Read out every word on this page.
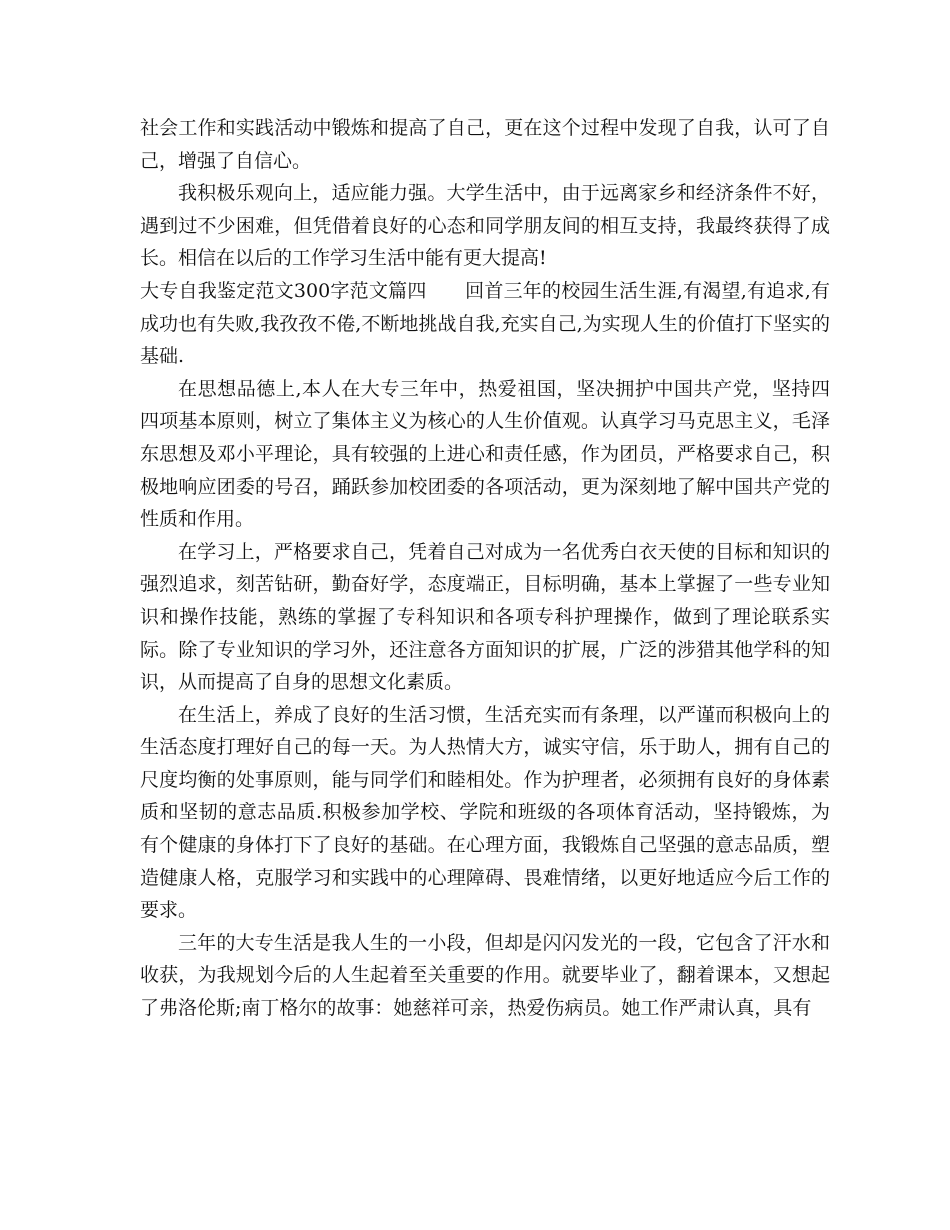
社会工作和实践活动中锻炼和提高了自己，更在这个过程中发现了自我，认可了自己，增强了自信心。

我积极乐观向上，适应能力强。大学生活中，由于远离家乡和经济条件不好，遇到过不少困难，但凭借着良好的心态和同学朋友间的相互支持，我最终获得了成长。相信在以后的工作学习生活中能有更大提高!

大专自我鉴定范文300字范文篇四　　 回首三年的校园生活生涯,有渴望,有追求,有成功也有失败,我孜孜不倦,不断地挑战自我,充实自己,为实现人生的价值打下坚实的基础.

在思想品德上,本人在大专三年中，热爱祖国，坚决拥护中国共产党，坚持四四项基本原则，树立了集体主义为核心的人生价值观。认真学习马克思主义，毛泽东思想及邓小平理论，具有较强的上进心和责任感，作为团员，严格要求自己，积极地响应团委的号召，踊跃参加校团委的各项活动，更为深刻地了解中国共产党的性质和作用。

在学习上，严格要求自己，凭着自己对成为一名优秀白衣天使的目标和知识的强烈追求，刻苦钻研，勤奋好学，态度端正，目标明确，基本上掌握了一些专业知识和操作技能，熟练的掌握了专科知识和各项专科护理操作，做到了理论联系实际。除了专业知识的学习外，还注意各方面知识的扩展，广泛的涉猎其他学科的知识，从而提高了自身的思想文化素质。

在生活上，养成了良好的生活习惯，生活充实而有条理，以严谨而积极向上的生活态度打理好自己的每一天。为人热情大方，诚实守信，乐于助人，拥有自己的尺度均衡的处事原则，能与同学们和睦相处。作为护理者，必须拥有良好的身体素质和坚韧的意志品质.积极参加学校、学院和班级的各项体育活动，坚持锻炼，为有个健康的身体打下了良好的基础。在心理方面，我锻炼自己坚强的意志品质，塑造健康人格，克服学习和实践中的心理障碍、畏难情绪，以更好地适应今后工作的要求。

三年的大专生活是我人生的一小段，但却是闪闪发光的一段，它包含了汗水和收获，为我规划今后的人生起着至关重要的作用。就要毕业了，翻着课本，又想起了弗洛伦斯;南丁格尔的故事：她慈祥可亲，热爱伤病员。她工作严肃认真，具有
